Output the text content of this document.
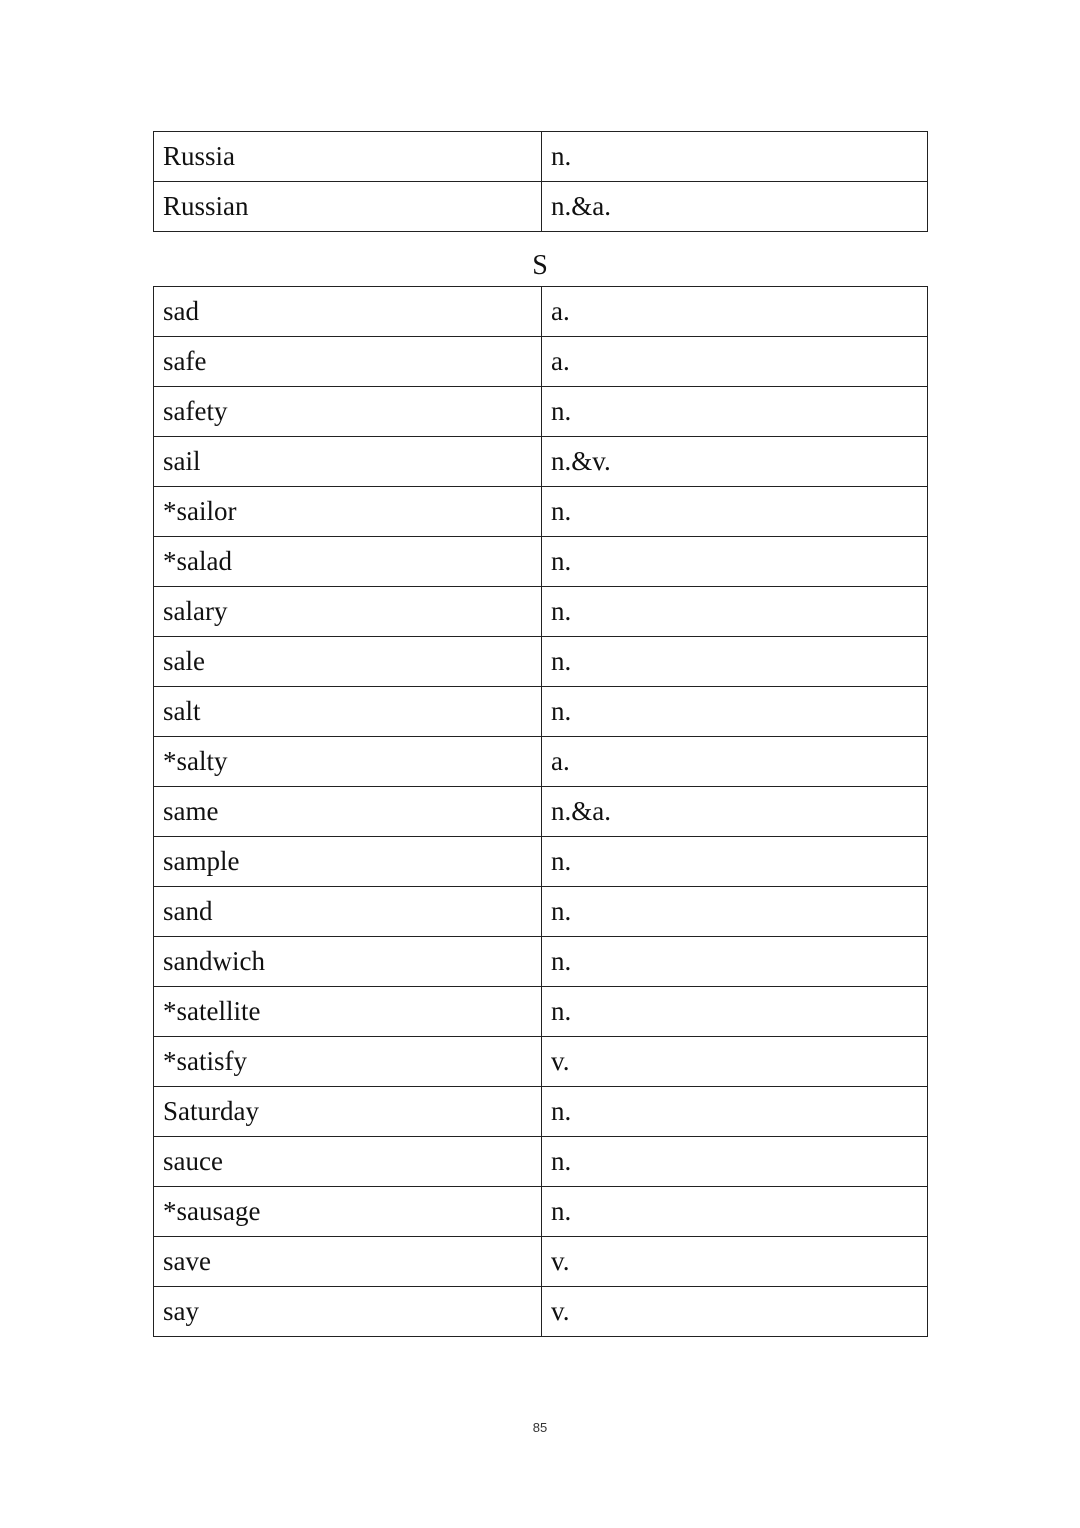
Russia	n.
Russian	n.&a.
S
sad	a.
safe	a.
safety	n.
sail	n.&v.
*sailor	n.
*salad	n.
salary	n.
sale	n.
salt	n.
*salty	a.
same	n.&a.
sample	n.
sand	n.
sandwich	n.
*satellite	n.
*satisfy	v.
Saturday	n.
sauce	n.
*sausage	n.
save	v.
say	v.
85
